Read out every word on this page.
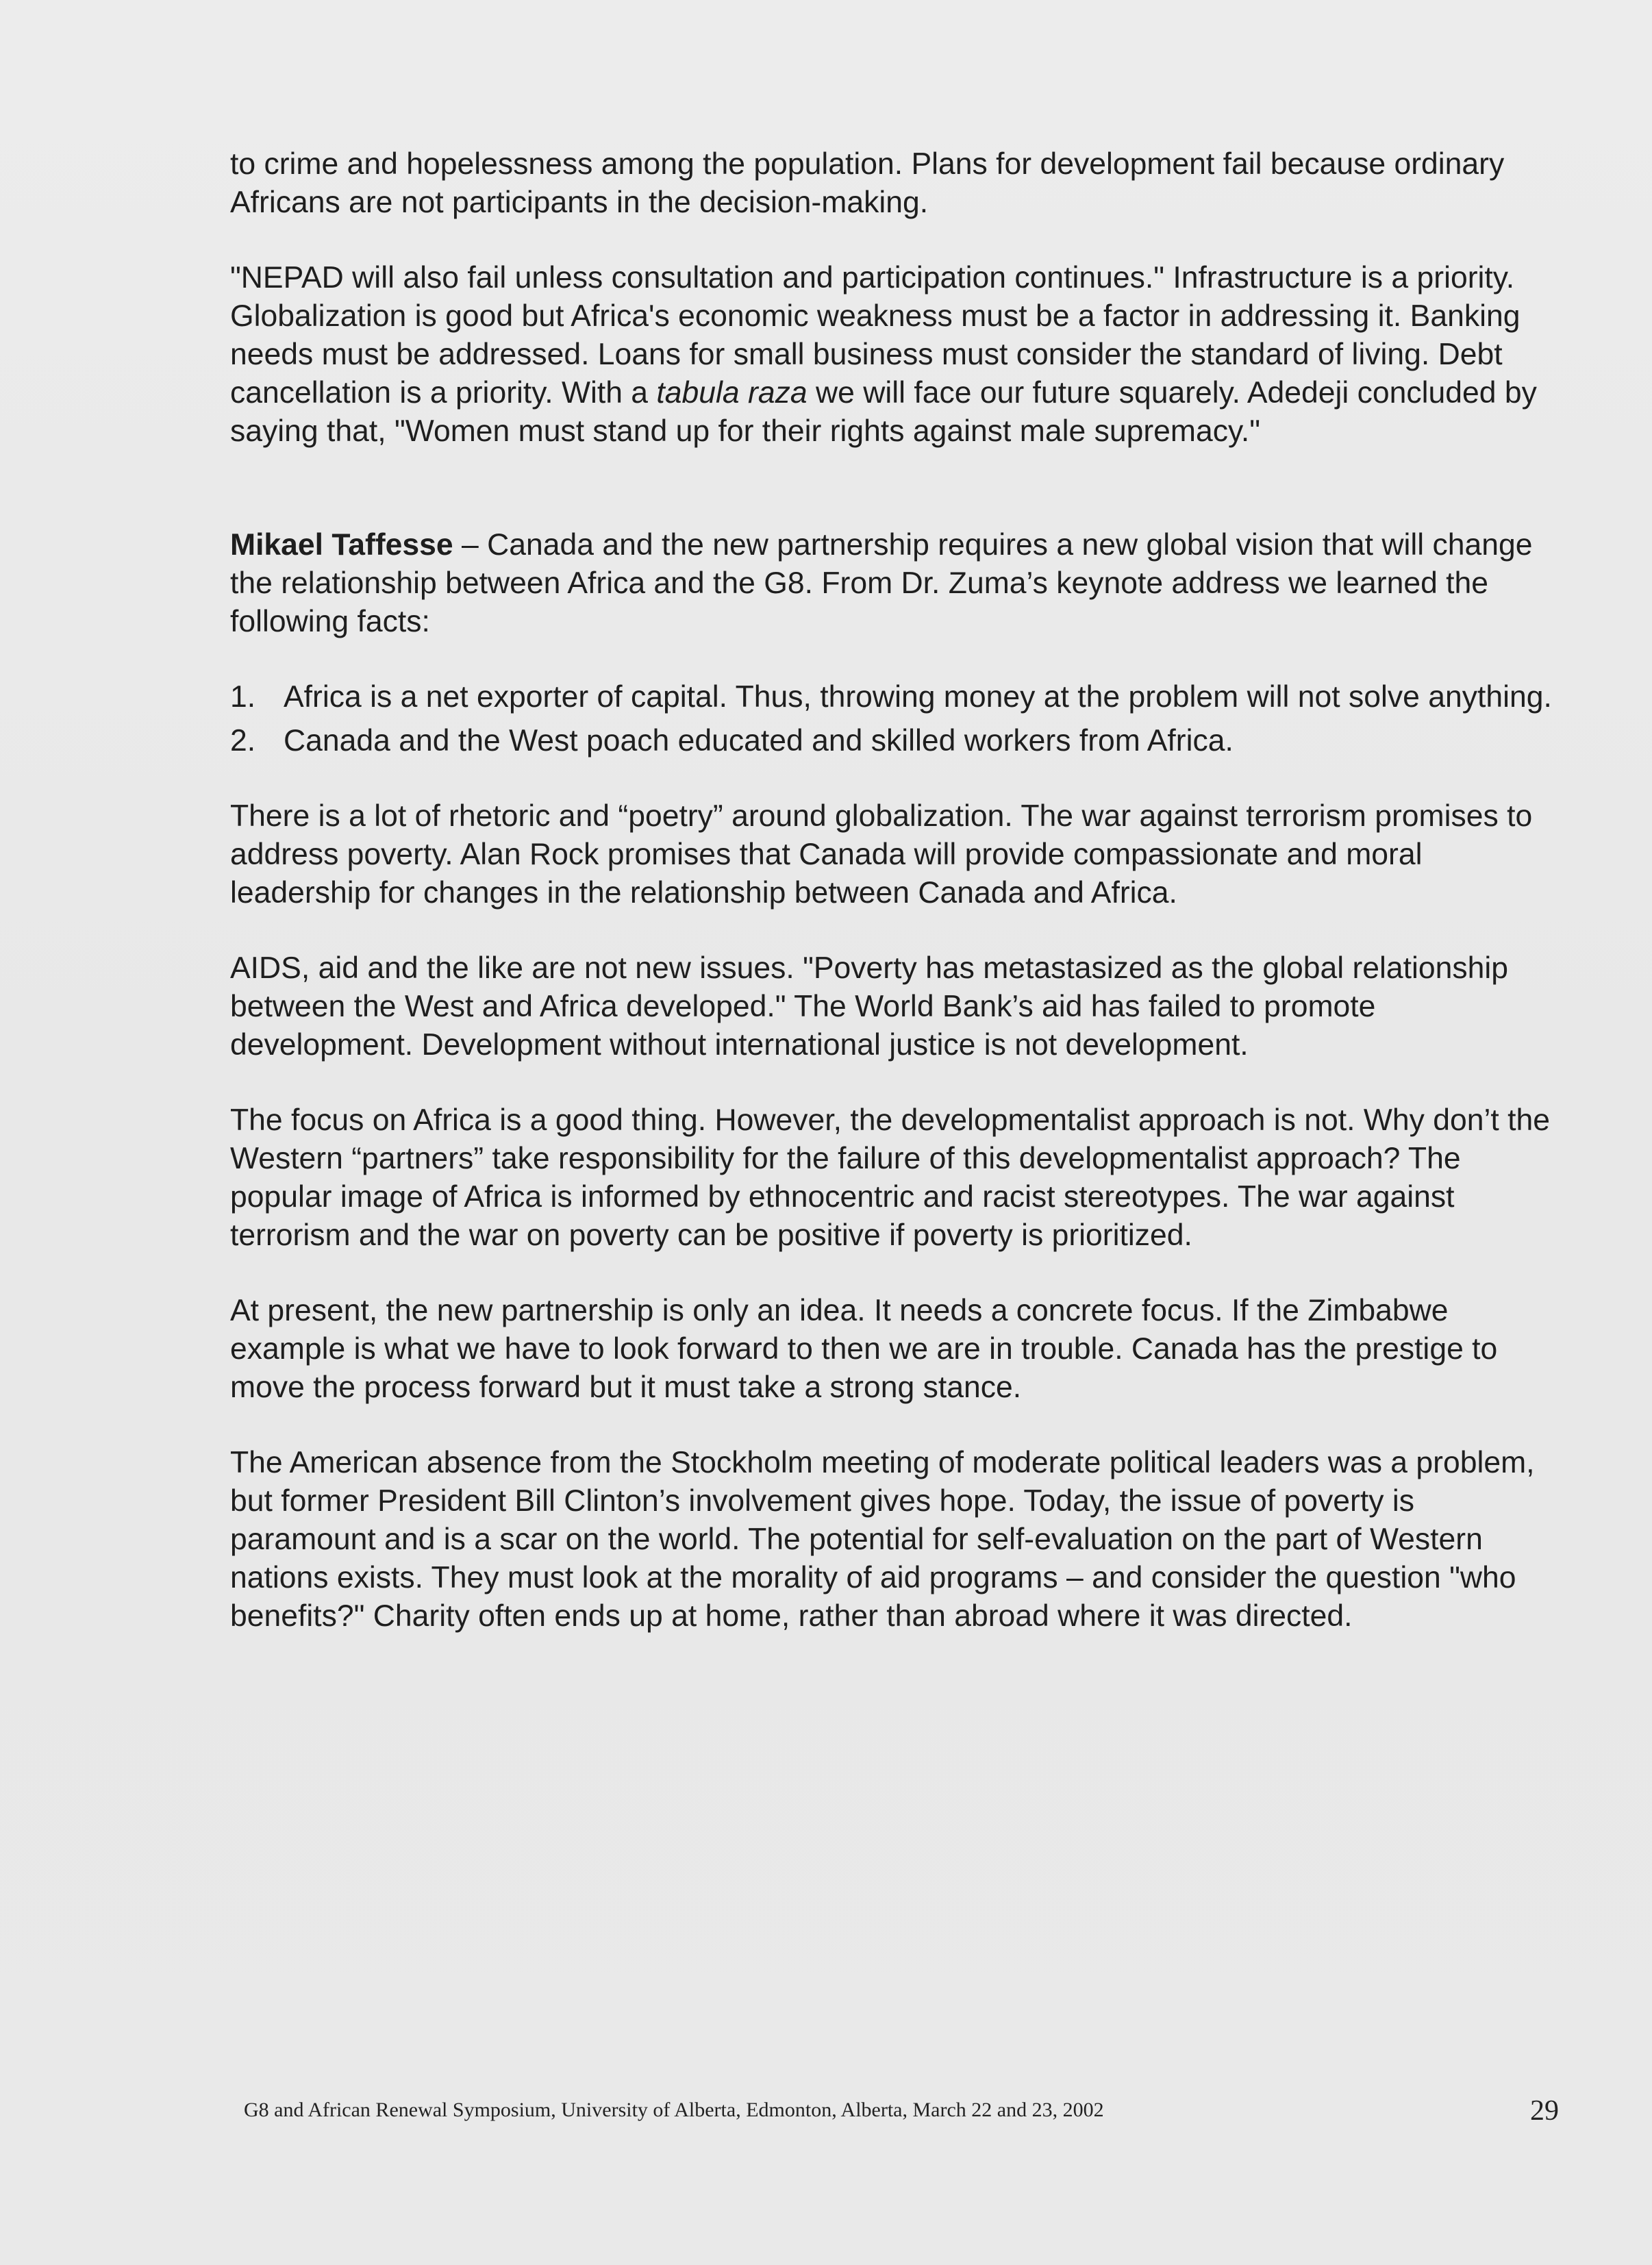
to crime and hopelessness among the population. Plans for development fail because ordinary Africans are not participants in the decision-making.

"NEPAD will also fail unless consultation and participation continues." Infrastructure is a priority. Globalization is good but Africa's economic weakness must be a factor in addressing it. Banking needs must be addressed. Loans for small business must consider the standard of living. Debt cancellation is a priority. With a tabula raza we will face our future squarely. Adedeji concluded by saying that, "Women must stand up for their rights against male supremacy."

Mikael Taffesse – Canada and the new partnership requires a new global vision that will change the relationship between Africa and the G8. From Dr. Zuma’s keynote address we learned the following facts:

1. Africa is a net exporter of capital. Thus, throwing money at the problem will not solve anything.
2. Canada and the West poach educated and skilled workers from Africa.

There is a lot of rhetoric and “poetry” around globalization. The war against terrorism promises to address poverty. Alan Rock promises that Canada will provide compassionate and moral leadership for changes in the relationship between Canada and Africa.

AIDS, aid and the like are not new issues. "Poverty has metastasized as the global relationship between the West and Africa developed." The World Bank’s aid has failed to promote development. Development without international justice is not development.

The focus on Africa is a good thing. However, the developmentalist approach is not. Why don’t the Western “partners” take responsibility for the failure of this developmentalist approach? The popular image of Africa is informed by ethnocentric and racist stereotypes. The war against terrorism and the war on poverty can be positive if poverty is prioritized.

At present, the new partnership is only an idea. It needs a concrete focus. If the Zimbabwe example is what we have to look forward to then we are in trouble. Canada has the prestige to move the process forward but it must take a strong stance.

The American absence from the Stockholm meeting of moderate political leaders was a problem, but former President Bill Clinton’s involvement gives hope. Today, the issue of poverty is paramount and is a scar on the world. The potential for self-evaluation on the part of Western nations exists. They must look at the morality of aid programs – and consider the question "who benefits?" Charity often ends up at home, rather than abroad where it was directed.

G8 and African Renewal Symposium, University of Alberta, Edmonton, Alberta, March 22 and 23, 2002	29
